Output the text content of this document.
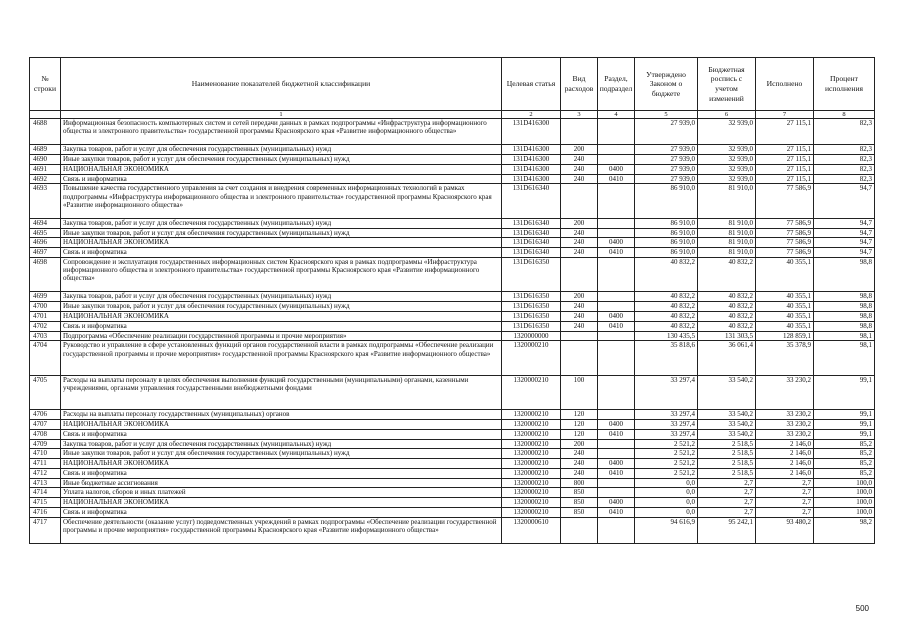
№ строки	Наименование показателей бюджетной классификации	Целевая статья	Вид расходов	Раздел, подраздел	Утверждено Законом о бюджете	Бюджетная роспись с учетом изменений	Исполнено	Процент исполнения
	1	2	3	4	5	6	7	8
4688	Информационная безопасность компьютерных систем и сетей передачи данных в рамках подпрограммы «Инфраструктура информационного общества и электронного правительства» государственной программы Красноярского края «Развитие информационного общества»	131D416300			27 939,0	32 939,0	27 115,1	82,3
4689	Закупка товаров, работ и услуг для обеспечения государственных (муниципальных) нужд	131D416300	200		27 939,0	32 939,0	27 115,1	82,3
4690	Иные закупки товаров, работ и услуг для обеспечения государственных (муниципальных) нужд	131D416300	240		27 939,0	32 939,0	27 115,1	82,3
4691	НАЦИОНАЛЬНАЯ ЭКОНОМИКА	131D416300	240	0400	27 939,0	32 939,0	27 115,1	82,3
4692	Связь и информатика	131D416300	240	0410	27 939,0	32 939,0	27 115,1	82,3
4693	Повышение качества государственного управления за счет создания и внедрения современных информационных технологий в рамках подпрограммы «Инфраструктура информационного общества и электронного правительства» государственной программы Красноярского края «Развитие информационного общества»	131D616340			86 910,0	81 910,0	77 586,9	94,7
4694	Закупка товаров, работ и услуг для обеспечения государственных (муниципальных) нужд	131D616340	200		86 910,0	81 910,0	77 586,9	94,7
4695	Иные закупки товаров, работ и услуг для обеспечения государственных (муниципальных) нужд	131D616340	240		86 910,0	81 910,0	77 586,9	94,7
4696	НАЦИОНАЛЬНАЯ ЭКОНОМИКА	131D616340	240	0400	86 910,0	81 910,0	77 586,9	94,7
4697	Связь и информатика	131D616340	240	0410	86 910,0	81 910,0	77 586,9	94,7
4698	Сопровождение и эксплуатация государственных информационных систем Красноярского края в рамках подпрограммы «Инфраструктура информационного общества и электронного правительства» государственной программы Красноярского края «Развитие информационного общества»	131D616350			40 832,2	40 832,2	40 355,1	98,8
4699	Закупка товаров, работ и услуг для обеспечения государственных (муниципальных) нужд	131D616350	200		40 832,2	40 832,2	40 355,1	98,8
4700	Иные закупки товаров, работ и услуг для обеспечения государственных (муниципальных) нужд	131D616350	240		40 832,2	40 832,2	40 355,1	98,8
4701	НАЦИОНАЛЬНАЯ ЭКОНОМИКА	131D616350	240	0400	40 832,2	40 832,2	40 355,1	98,8
4702	Связь и информатика	131D616350	240	0410	40 832,2	40 832,2	40 355,1	98,8
4703	Подпрограмма «Обеспечение реализации государственной программы и прочие мероприятия»	1320000000			130 435,5	131 303,5	128 859,1	98,1
4704	Руководство и управление в сфере установленных функций органов государственной власти в рамках подпрограммы «Обеспечение реализации государственной программы и прочие мероприятия» государственной программы Красноярского края «Развитие информационного общества»	1320000210			35 818,6	36 061,4	35 378,9	98,1
4705	Расходы на выплаты персоналу в целях обеспечения выполнения функций государственными (муниципальными) органами, казенными учреждениями, органами управления государственными внебюджетными фондами	1320000210	100		33 297,4	33 540,2	33 230,2	99,1
4706	Расходы на выплаты персоналу государственных (муниципальных) органов	1320000210	120		33 297,4	33 540,2	33 230,2	99,1
4707	НАЦИОНАЛЬНАЯ ЭКОНОМИКА	1320000210	120	0400	33 297,4	33 540,2	33 230,2	99,1
4708	Связь и информатика	1320000210	120	0410	33 297,4	33 540,2	33 230,2	99,1
4709	Закупка товаров, работ и услуг для обеспечения государственных (муниципальных) нужд	1320000210	200		2 521,2	2 518,5	2 146,0	85,2
4710	Иные закупки товаров, работ и услуг для обеспечения государственных (муниципальных) нужд	1320000210	240		2 521,2	2 518,5	2 146,0	85,2
4711	НАЦИОНАЛЬНАЯ ЭКОНОМИКА	1320000210	240	0400	2 521,2	2 518,5	2 146,0	85,2
4712	Связь и информатика	1320000210	240	0410	2 521,2	2 518,5	2 146,0	85,2
4713	Иные бюджетные ассигнования	1320000210	800		0,0	2,7	2,7	100,0
4714	Уплата налогов, сборов и иных платежей	1320000210	850		0,0	2,7	2,7	100,0
4715	НАЦИОНАЛЬНАЯ ЭКОНОМИКА	1320000210	850	0400	0,0	2,7	2,7	100,0
4716	Связь и информатика	1320000210	850	0410	0,0	2,7	2,7	100,0
4717	Обеспечение деятельности (оказание услуг) подведомственных учреждений в рамках подпрограммы «Обеспечение реализации государственной программы и прочие мероприятия» государственной программы Красноярского края «Развитие информационного общества»	1320000610			94 616,9	95 242,1	93 480,2	98,2
500
